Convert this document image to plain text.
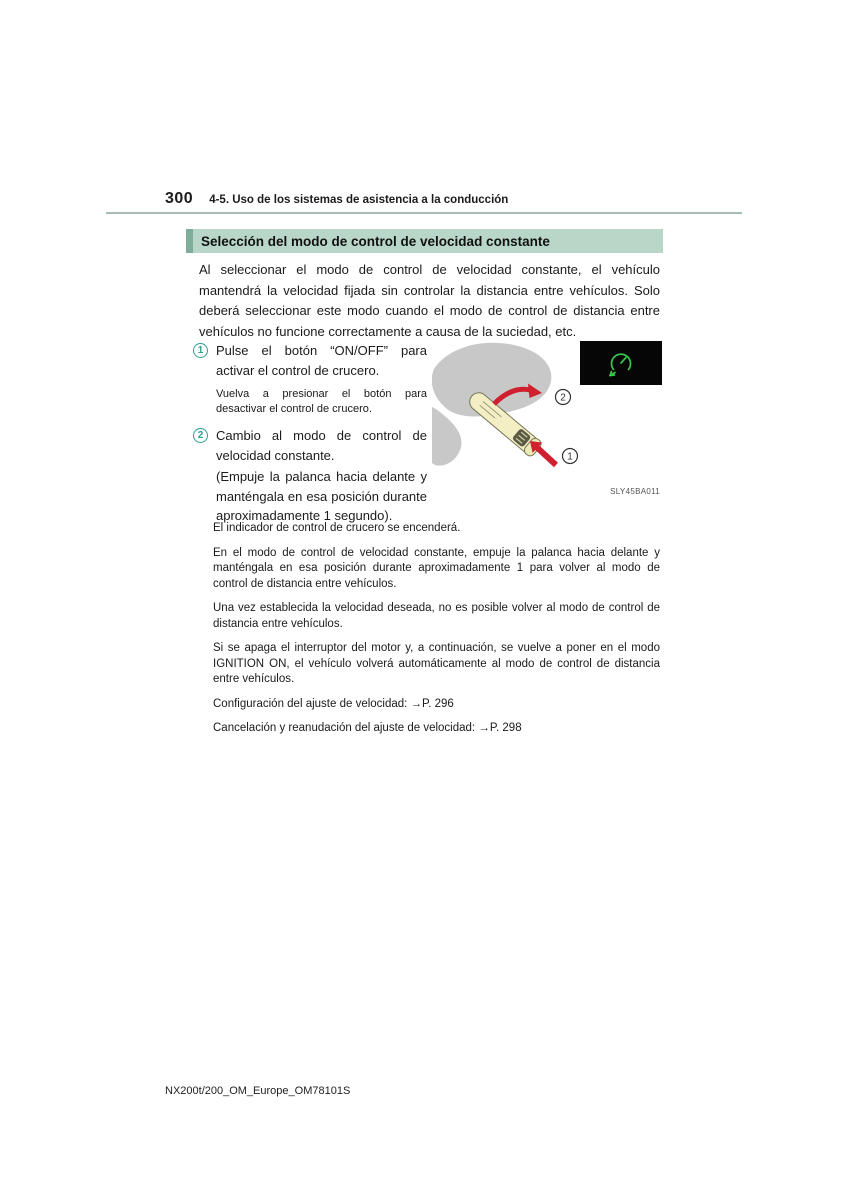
300 4-5. Uso de los sistemas de asistencia a la conducción
Selección del modo de control de velocidad constante

Al seleccionar el modo de control de velocidad constante, el vehículo mantendrá la velocidad fijada sin controlar la distancia entre vehículos. Solo deberá seleccionar este modo cuando el modo de control de distancia entre vehículos no funcione correctamente a causa de la suciedad, etc.

1 Pulse el botón “ON/OFF” para activar el control de crucero.

Vuelva a presionar el botón para desactivar el control de crucero.

2 Cambio al modo de control de velocidad constante.

(Empuje la palanca hacia delante y manténgala en esa posición durante aproximadamente 1 segundo).

2
1
SLY45BA011

El indicador de control de crucero se encenderá.

En el modo de control de velocidad constante, empuje la palanca hacia delante y manténgala en esa posición durante aproximadamente 1 para volver al modo de control de distancia entre vehículos.

Una vez establecida la velocidad deseada, no es posible volver al modo de control de distancia entre vehículos.

Si se apaga el interruptor del motor y, a continuación, se vuelve a poner en el modo IGNITION ON, el vehículo volverá automáticamente al modo de control de distancia entre vehículos.

Configuración del ajuste de velocidad: →P. 296

Cancelación y reanudación del ajuste de velocidad: →P. 298

NX200t/200_OM_Europe_OM78101S
